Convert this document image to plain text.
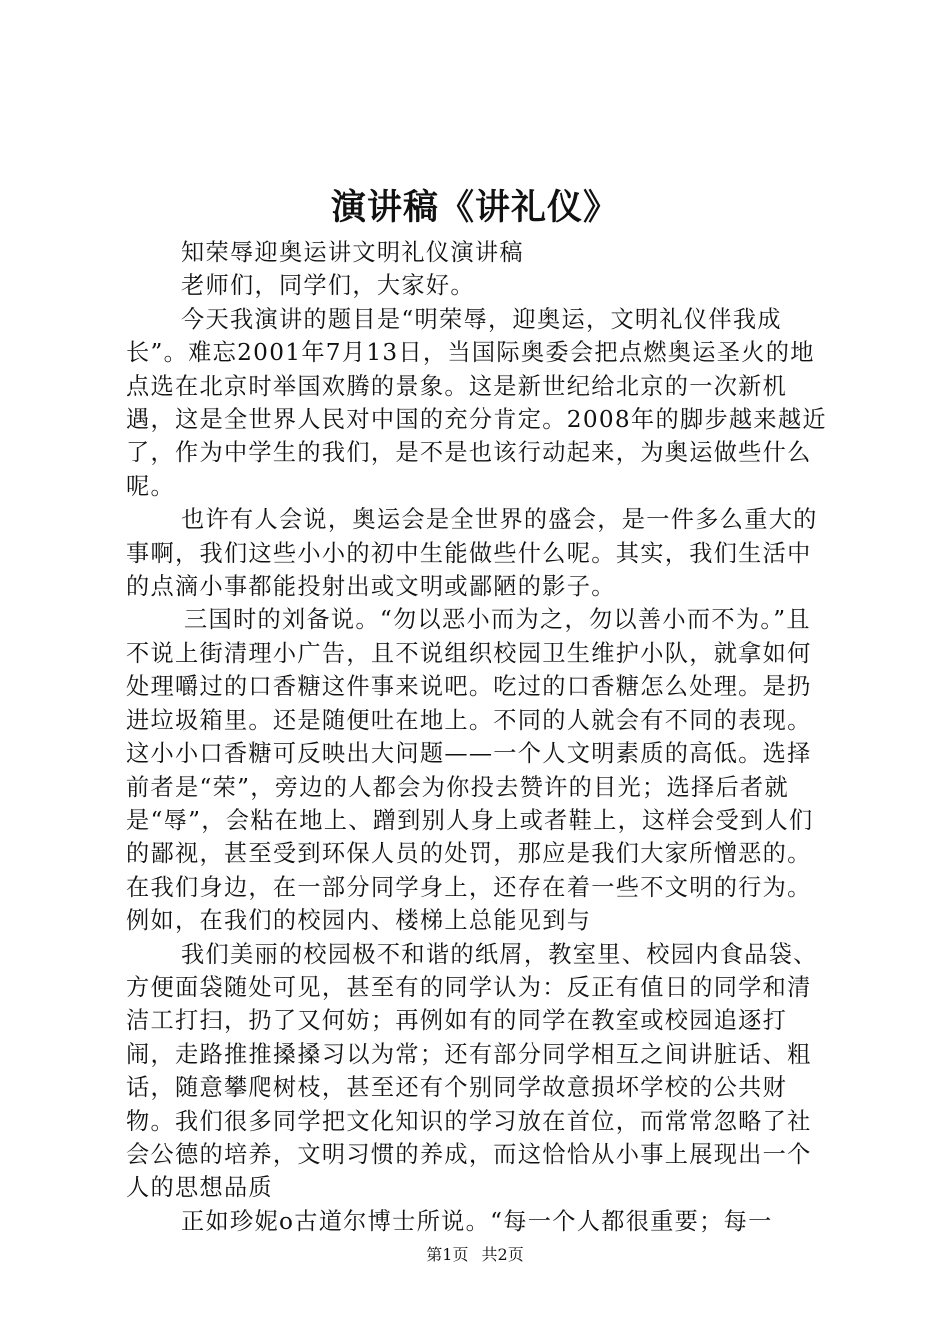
演讲稿《讲礼仪》

知荣辱迎奥运讲文明礼仪演讲稿

老师们，同学们，大家好。

今天我演讲的题目是“明荣辱，迎奥运，文明礼仪伴我成长”。难忘2001年7月13日，当国际奥委会把点燃奥运圣火的地点选在北京时举国欢腾的景象。这是新世纪给北京的一次新机遇，这是全世界人民对中国的充分肯定。2008年的脚步越来越近了，作为中学生的我们，是不是也该行动起来，为奥运做些什么呢。

也许有人会说，奥运会是全世界的盛会，是一件多么重大的事啊，我们这些小小的初中生能做些什么呢。其实，我们生活中的点滴小事都能投射出或文明或鄙陋的影子。

三国时的刘备说。“勿以恶小而为之，勿以善小而不为。”且不说上街清理小广告，且不说组织校园卫生维护小队，就拿如何处理嚼过的口香糖这件事来说吧。吃过的口香糖怎么处理。是扔进垃圾箱里。还是随便吐在地上。不同的人就会有不同的表现。这小小口香糖可反映出大问题——一个人文明素质的高低。选择前者是“荣”，旁边的人都会为你投去赞许的目光；选择后者就是“辱”，会粘在地上、蹭到别人身上或者鞋上，这样会受到人们的鄙视，甚至受到环保人员的处罚，那应是我们大家所憎恶的。在我们身边，在一部分同学身上，还存在着一些不文明的行为。例如，在我们的校园内、楼梯上总能见到与

我们美丽的校园极不和谐的纸屑，教室里、校园内食品袋、方便面袋随处可见，甚至有的同学认为：反正有值日的同学和清洁工打扫，扔了又何妨；再例如有的同学在教室或校园追逐打闹，走路推推搡搡习以为常；还有部分同学相互之间讲脏话、粗话，随意攀爬树枝，甚至还有个别同学故意损坏学校的公共财物。我们很多同学把文化知识的学习放在首位，而常常忽略了社会公德的培养，文明习惯的养成，而这恰恰从小事上展现出一个人的思想品质

正如珍妮o古道尔博士所说。“每一个人都很重要；每一

第1页 共2页
